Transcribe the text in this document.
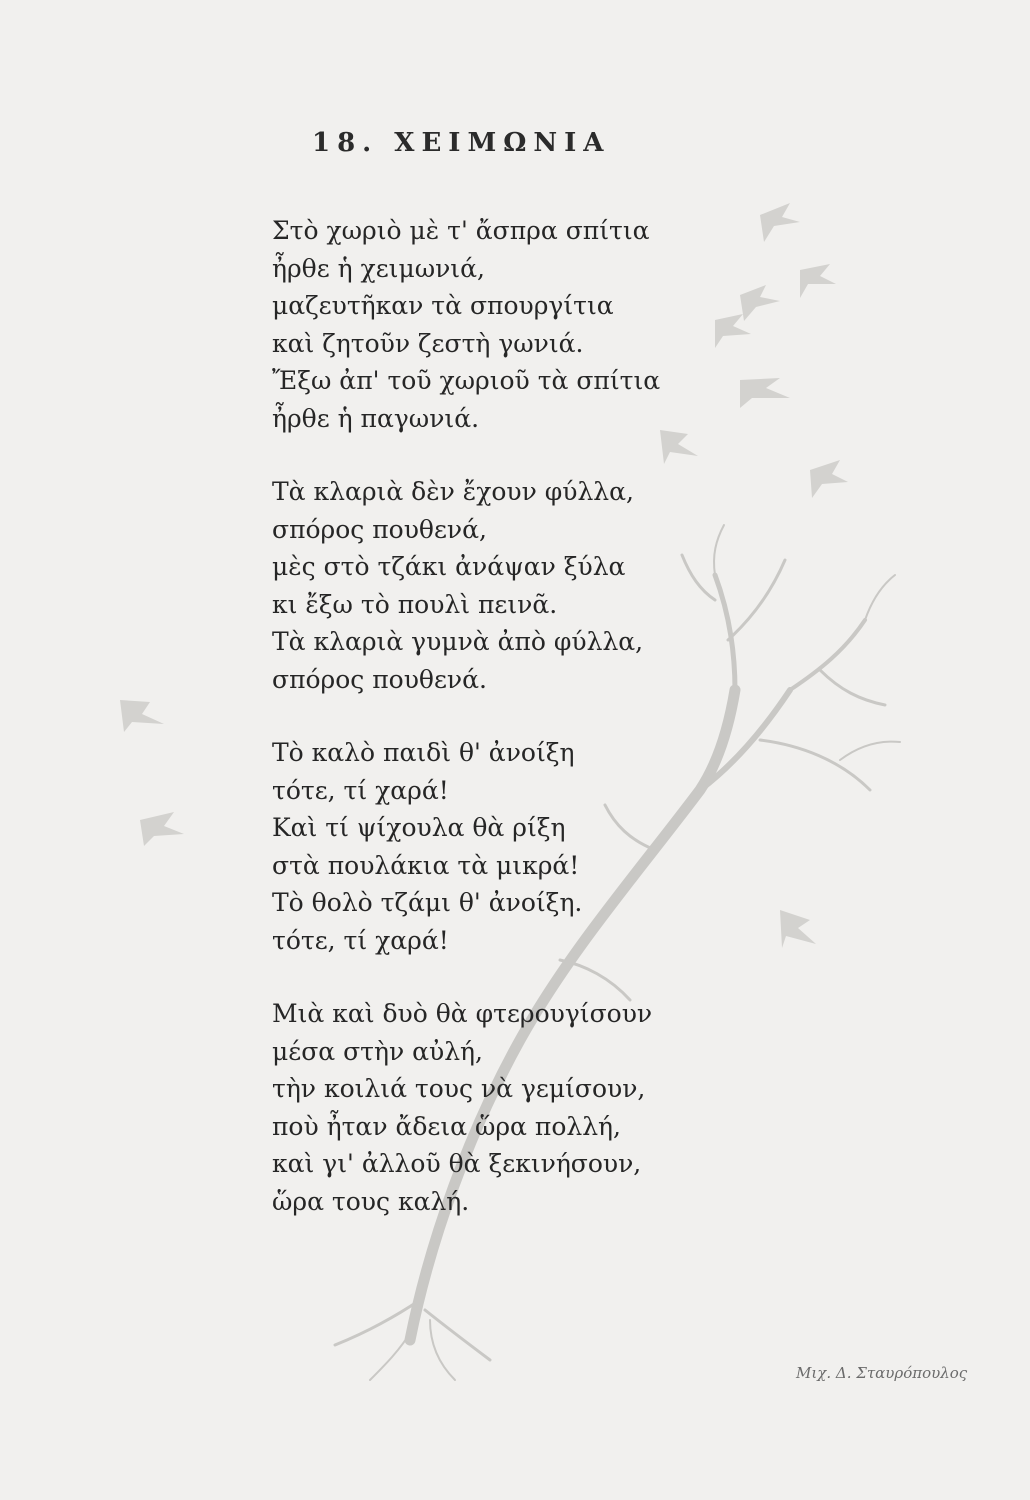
18. ΧΕΙΜΩΝΙΑ
Στὸ χωριὸ μὲ τ' ἄσπρα σπίτια
ἦρθε ἡ χειμωνιά,
μαζευτῆκαν τὰ σπουργίτια
καὶ ζητοῦν ζεστὴ γωνιά.
Ἔξω ἀπ' τοῦ χωριοῦ τὰ σπίτια
ἦρθε ἡ παγωνιά.
Τὰ κλαριὰ δὲν ἔχουν φύλλα,
σπόρος πουθενά,
μὲς στὸ τζάκι ἀνάψαν ξύλα
κι ἔξω τὸ πουλὶ πεινᾶ.
Τὰ κλαριὰ γυμνὰ ἀπὸ φύλλα,
σπόρος πουθενά.
Τὸ καλὸ παιδὶ θ' ἀνοίξη
τότε, τί χαρά!
Καὶ τί ψίχουλα θὰ ρίξη
στὰ πουλάκια τὰ μικρά!
Τὸ θολὸ τζάμι θ' ἀνοίξη.
τότε, τί χαρά!
Μιὰ καὶ δυὸ θὰ φτερουγίσουν
μέσα στὴν αὐλή,
τὴν κοιλιά τους νὰ γεμίσουν,
ποὺ ἦταν ἄδεια ὥρα πολλή,
καὶ γι' ἀλλοῦ θὰ ξεκινήσουν,
ὥρα τους καλή.
Μιχ. Δ. Σταυρόπουλος
